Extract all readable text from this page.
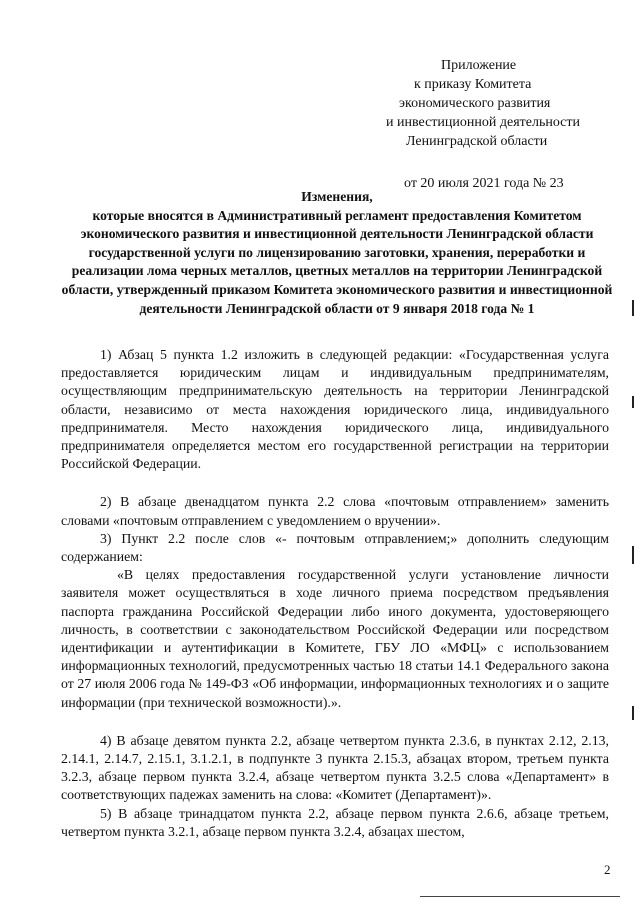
Приложение
к приказу Комитета
экономического развития
и инвестиционной деятельности
Ленинградской области
от 20 июля 2021 года № 23
Изменения,
которые вносятся в Административный регламент предоставления Комитетом экономического развития и инвестиционной деятельности Ленинградской области государственной услуги по лицензированию заготовки, хранения, переработки и реализации лома черных металлов, цветных металлов на территории Ленинградской области, утвержденный приказом Комитета экономического развития и инвестиционной деятельности Ленинградской области от 9 января 2018 года № 1

1) Абзац 5 пункта 1.2 изложить в следующей редакции: «Государственная услуга предоставляется юридическим лицам и индивидуальным предпринимателям, осуществляющим предпринимательскую деятельность на территории Ленинградской области, независимо от места нахождения юридического лица, индивидуального предпринимателя. Место нахождения юридического лица, индивидуального предпринимателя определяется местом его государственной регистрации на территории Российской Федерации.

2) В абзаце двенадцатом пункта 2.2 слова «почтовым отправлением» заменить словами «почтовым отправлением с уведомлением о вручении».

3) Пункт 2.2 после слов «- почтовым отправлением;» дополнить следующим содержанием:

«В целях предоставления государственной услуги установление личности заявителя может осуществляться в ходе личного приема посредством предъявления паспорта гражданина Российской Федерации либо иного документа, удостоверяющего личность, в соответствии с законодательством Российской Федерации или посредством идентификации и аутентификации в Комитете, ГБУ ЛО «МФЦ» с использованием информационных технологий, предусмотренных частью 18 статьи 14.1 Федерального закона от 27 июля 2006 года № 149-ФЗ «Об информации, информационных технологиях и о защите информации (при технической возможности).».

4) В абзаце девятом пункта 2.2, абзаце четвертом пункта 2.3.6, в пунктах 2.12, 2.13, 2.14.1, 2.14.7, 2.15.1, 3.1.2.1, в подпункте 3 пункта 2.15.3, абзацах втором, третьем пункта 3.2.3, абзаце первом пункта 3.2.4, абзаце четвертом пункта 3.2.5 слова «Департамент» в соответствующих падежах заменить на слова: «Комитет (Департамент)».

5) В абзаце тринадцатом пункта 2.2, абзаце первом пункта 2.6.6, абзаце третьем, четвертом пункта 3.2.1, абзаце первом пункта 3.2.4, абзацах шестом,

2
